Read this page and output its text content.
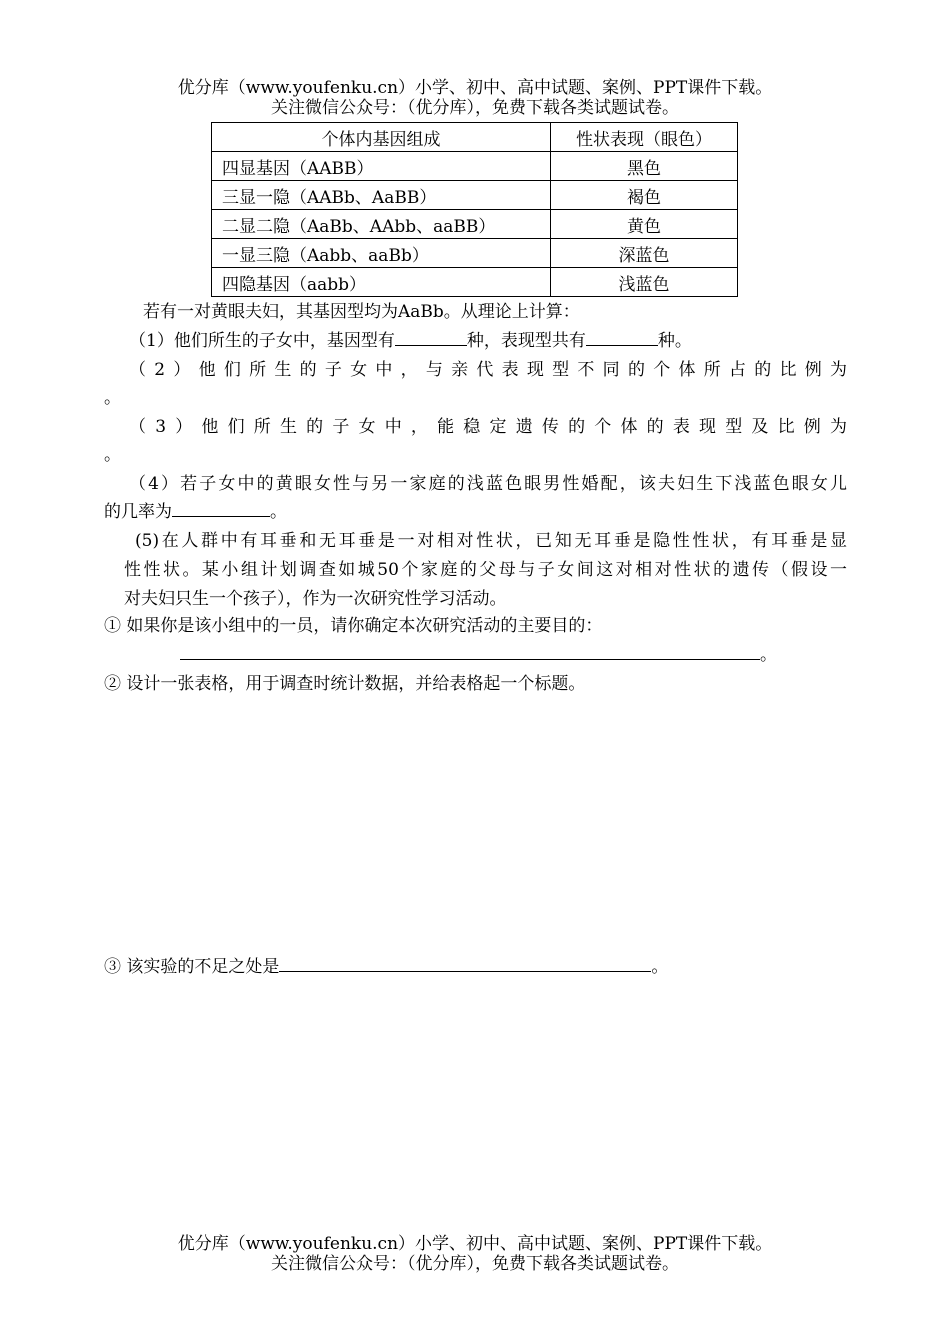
优分库（www.youfenku.cn）小学、初中、高中试题、案例、PPT课件下载。
关注微信公众号：（优分库），免费下载各类试题试卷。
个体内基因组成	性状表现（眼色）
四显基因（AABB）	黑色
三显一隐（AABb、AaBB）	褐色
二显二隐（AaBb、AAbb、aaBB）	黄色
一显三隐（Aabb、aaBb）	深蓝色
四隐基因（aabb）	浅蓝色
若有一对黄眼夫妇，其基因型均为AaBb。从理论上计算：
（1）他们所生的子女中，基因型有	种，表现型共有	种。
（2）他们所生的子女中，与亲代表现型不同的个体所占的比例为
。
（3）他们所生的子女中，能稳定遗传的个体的表现型及比例为
。
（4）若子女中的黄眼女性与另一家庭的浅蓝色眼男性婚配，该夫妇生下浅蓝色眼女儿
的几率为	。
(5)在人群中有耳垂和无耳垂是一对相对性状，已知无耳垂是隐性性状，有耳垂是显
性性状。某小组计划调查如城50个家庭的父母与子女间这对相对性状的遗传（假设一
对夫妇只生一个孩子），作为一次研究性学习活动。
① 如果你是该小组中的一员，请你确定本次研究活动的主要目的：
。
② 设计一张表格，用于调查时统计数据，并给表格起一个标题。
③ 该实验的不足之处是	。
优分库（www.youfenku.cn）小学、初中、高中试题、案例、PPT课件下载。
关注微信公众号：（优分库），免费下载各类试题试卷。
